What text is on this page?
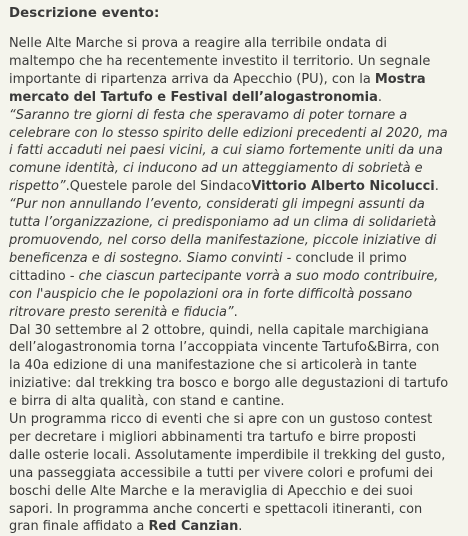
Descrizione evento:
Nelle Alte Marche si prova a reagire alla terribile ondata di
maltempo che ha recentemente investito il territorio. Un segnale
importante di ripartenza arriva da Apecchio (PU), con la Mostra
mercato del Tartufo e Festival dell’alogastronomia.
“Saranno tre giorni di festa che speravamo di poter tornare a
celebrare con lo stesso spirito delle edizioni precedenti al 2020, ma
i fatti accaduti nei paesi vicini, a cui siamo fortemente uniti da una
comune identità, ci inducono ad un atteggiamento di sobrietà e
rispetto”.Questele parole del SindacoVittorio Alberto Nicolucci.
“Pur non annullando l’evento, considerati gli impegni assunti da
tutta l’organizzazione, ci predisponiamo ad un clima di solidarietà
promuovendo, nel corso della manifestazione, piccole iniziative di
beneficenza e di sostegno. Siamo convinti - conclude il primo
cittadino - che ciascun partecipante vorrà a suo modo contribuire,
con l'auspicio che le popolazioni ora in forte difficoltà possano
ritrovare presto serenità e fiducia”.
Dal 30 settembre al 2 ottobre, quindi, nella capitale marchigiana
dell’alogastronomia torna l’accoppiata vincente Tartufo&Birra, con
la 40a edizione di una manifestazione che si articolerà in tante
iniziative: dal trekking tra bosco e borgo alle degustazioni di tartufo
e birra di alta qualità, con stand e cantine.
Un programma ricco di eventi che si apre con un gustoso contest
per decretare i migliori abbinamenti tra tartufo e birre proposti
dalle osterie locali. Assolutamente imperdibile il trekking del gusto,
una passeggiata accessibile a tutti per vivere colori e profumi dei
boschi delle Alte Marche e la meraviglia di Apecchio e dei suoi
sapori. In programma anche concerti e spettacoli itineranti, con
gran finale affidato a Red Canzian.
